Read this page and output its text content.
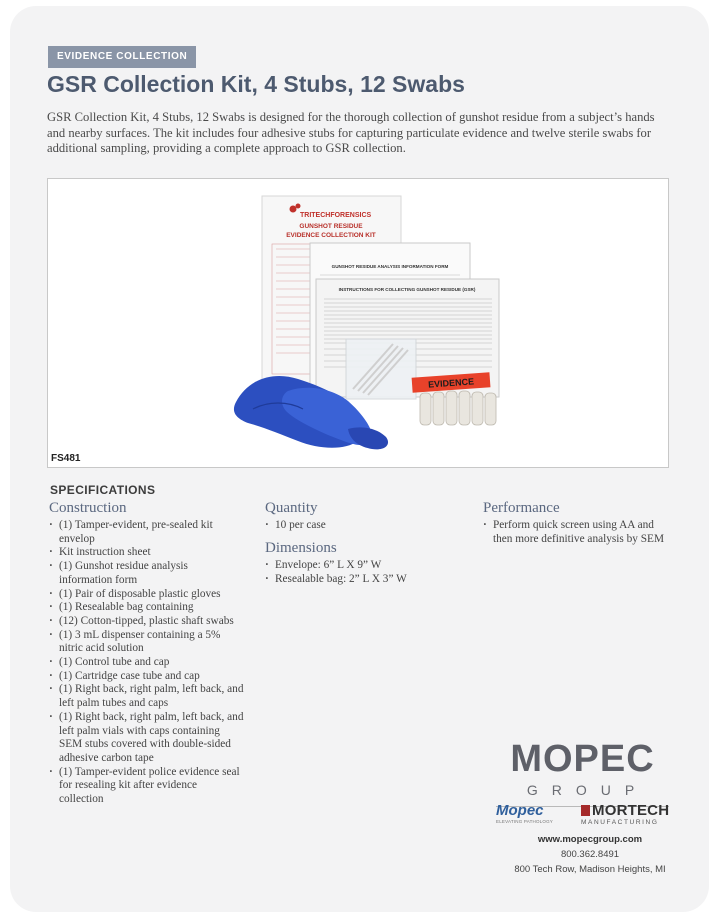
EVIDENCE COLLECTION
GSR Collection Kit, 4 Stubs, 12 Swabs

GSR Collection Kit, 4 Stubs, 12 Swabs is designed for the thorough collection of gunshot residue from a subject’s hands and nearby surfaces. The kit includes four adhesive stubs for capturing particulate evidence and twelve sterile swabs for additional sampling, providing a complete approach to GSR collection.

TRITECHFORENSICS
GUNSHOT RESIDUE
EVIDENCE COLLECTION KIT
GUNSHOT RESIDUE ANALYSIS INFORMATION FORM
INSTRUCTIONS FOR COLLECTING GUNSHOT RESIDUE (GSR)
EVIDENCE
FS481
SPECIFICATIONS
Construction
· (1) Tamper-evident, pre-sealed kit envelop
· Kit instruction sheet
· (1) Gunshot residue analysis information form
· (1) Pair of disposable plastic gloves
· (1) Resealable bag containing
· (12) Cotton-tipped, plastic shaft swabs
· (1) 3 mL dispenser containing a 5% nitric acid solution
· (1) Control tube and cap
· (1) Cartridge case tube and cap
· (1) Right back, right palm, left back, and left palm tubes and caps
· (1) Right back, right palm, left back, and left palm vials with caps containing SEM stubs covered with double-sided adhesive carbon tape
· (1) Tamper-evident police evidence seal for resealing kit after evidence collection
Quantity
· 10 per case
Dimensions
· Envelope: 6” L X 9” W
· Resealable bag: 2” L X 3” W
Performance
· Perform quick screen using AA and then more definitive analysis by SEM
MOPEC
GROUP
Mopec
ELEVATING PATHOLOGY
MORTECH
MANUFACTURING
www.mopecgroup.com
800.362.8491
800 Tech Row, Madison Heights, MI
